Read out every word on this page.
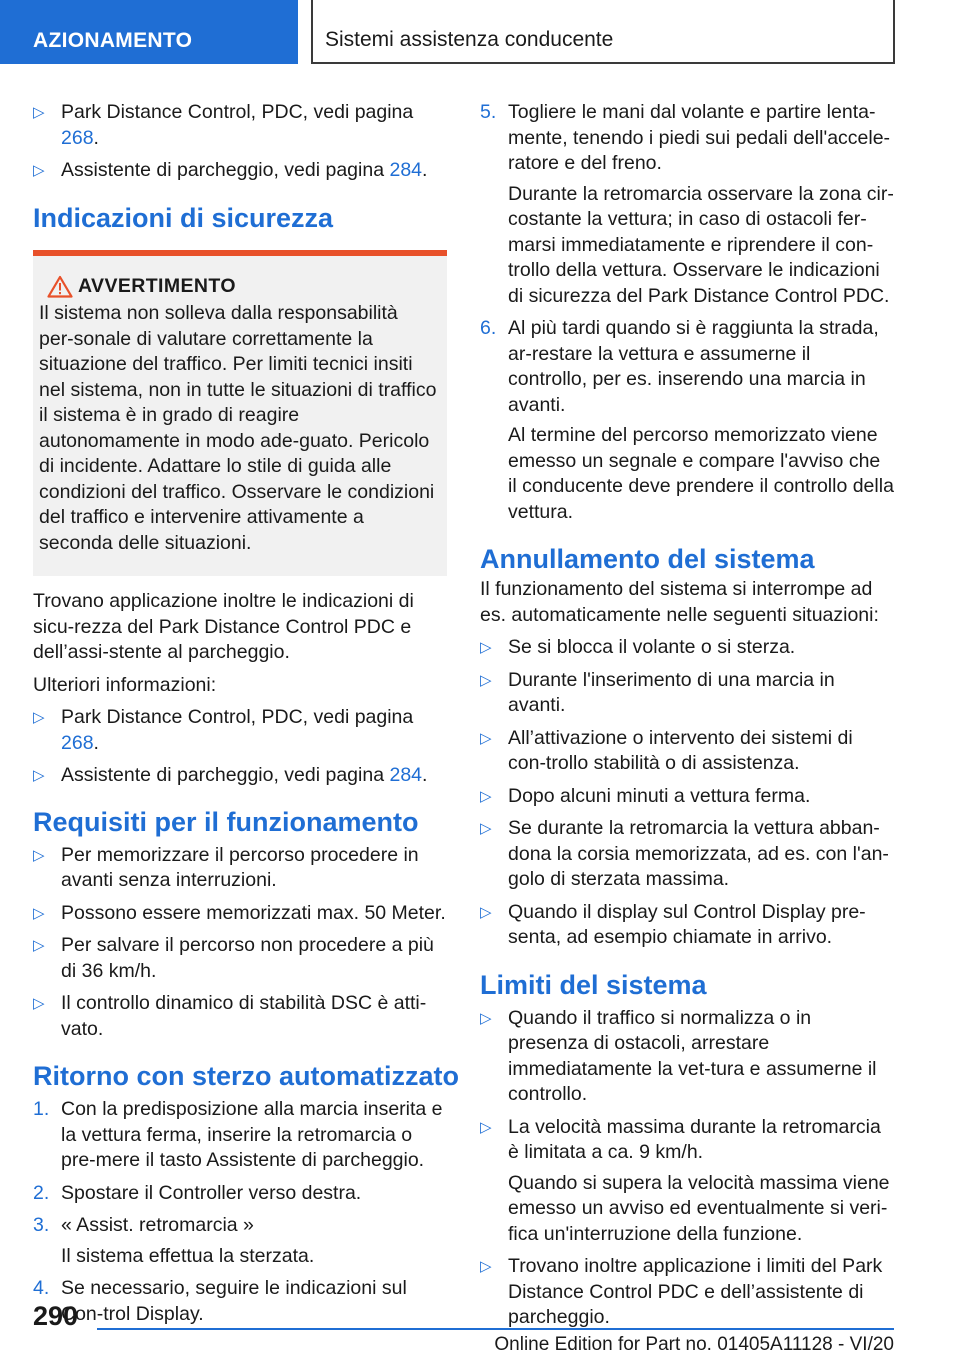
AZIONAMENTO	Sistemi assistenza conducente
▷ Park Distance Control, PDC, vedi pagina 268.
▷ Assistente di parcheggio, vedi pagina 284.
Indicazioni di sicurezza
AVVERTIMENTO
Il sistema non solleva dalla responsabilità per-sonale di valutare correttamente la situazione del traffico. Per limiti tecnici insiti nel sistema, non in tutte le situazioni di traffico il sistema è in grado di reagire autonomamente in modo ade-guato. Pericolo di incidente. Adattare lo stile di guida alle condizioni del traffico. Osservare le condizioni del traffico e intervenire attivamente a seconda delle situazioni.
Trovano applicazione inoltre le indicazioni di sicu-rezza del Park Distance Control PDC e dell’assi-stente al parcheggio.
Ulteriori informazioni:
▷ Park Distance Control, PDC, vedi pagina 268.
▷ Assistente di parcheggio, vedi pagina 284.
Requisiti per il funzionamento
▷ Per memorizzare il percorso procedere in avanti senza interruzioni.
▷ Possono essere memorizzati max. 50 Meter.
▷ Per salvare il percorso non procedere a più di 36 km/h.
▷ Il controllo dinamico di stabilità DSC è atti-vato.
Ritorno con sterzo automatizzato
1. Con la predisposizione alla marcia inserita e la vettura ferma, inserire la retromarcia o pre-mere il tasto Assistente di parcheggio.
2. Spostare il Controller verso destra.
3. « Assist. retromarcia »
Il sistema effettua la sterzata.
4. Se necessario, seguire le indicazioni sul Con-trol Display.
5. Togliere le mani dal volante e partire lenta-mente, tenendo i piedi sui pedali dell'accele-ratore e del freno.
Durante la retromarcia osservare la zona cir-costante la vettura; in caso di ostacoli fer-marsi immediatamente e riprendere il con-trollo della vettura. Osservare le indicazioni di sicurezza del Park Distance Control PDC.
6. Al più tardi quando si è raggiunta la strada, ar-restare la vettura e assumerne il controllo, per es. inserendo una marcia in avanti.
Al termine del percorso memorizzato viene emesso un segnale e compare l'avviso che il conducente deve prendere il controllo della vettura.
Annullamento del sistema
Il funzionamento del sistema si interrompe ad es. automaticamente nelle seguenti situazioni:
▷ Se si blocca il volante o si sterza.
▷ Durante l'inserimento di una marcia in avanti.
▷ All’attivazione o intervento dei sistemi di con-trollo stabilità o di assistenza.
▷ Dopo alcuni minuti a vettura ferma.
▷ Se durante la retromarcia la vettura abban-dona la corsia memorizzata, ad es. con l'an-golo di sterzata massima.
▷ Quando il display sul Control Display pre-senta, ad esempio chiamate in arrivo.
Limiti del sistema
▷ Quando il traffico si normalizza o in presenza di ostacoli, arrestare immediatamente la vet-tura e assumerne il controllo.
▷ La velocità massima durante la retromarcia è limitata a ca. 9 km/h.
Quando si supera la velocità massima viene emesso un avviso ed eventualmente si veri-fica un'interruzione della funzione.
▷ Trovano inoltre applicazione i limiti del Park Distance Control PDC e dell’assistente di parcheggio.
290
Online Edition for Part no. 01405A11128 - VI/20
